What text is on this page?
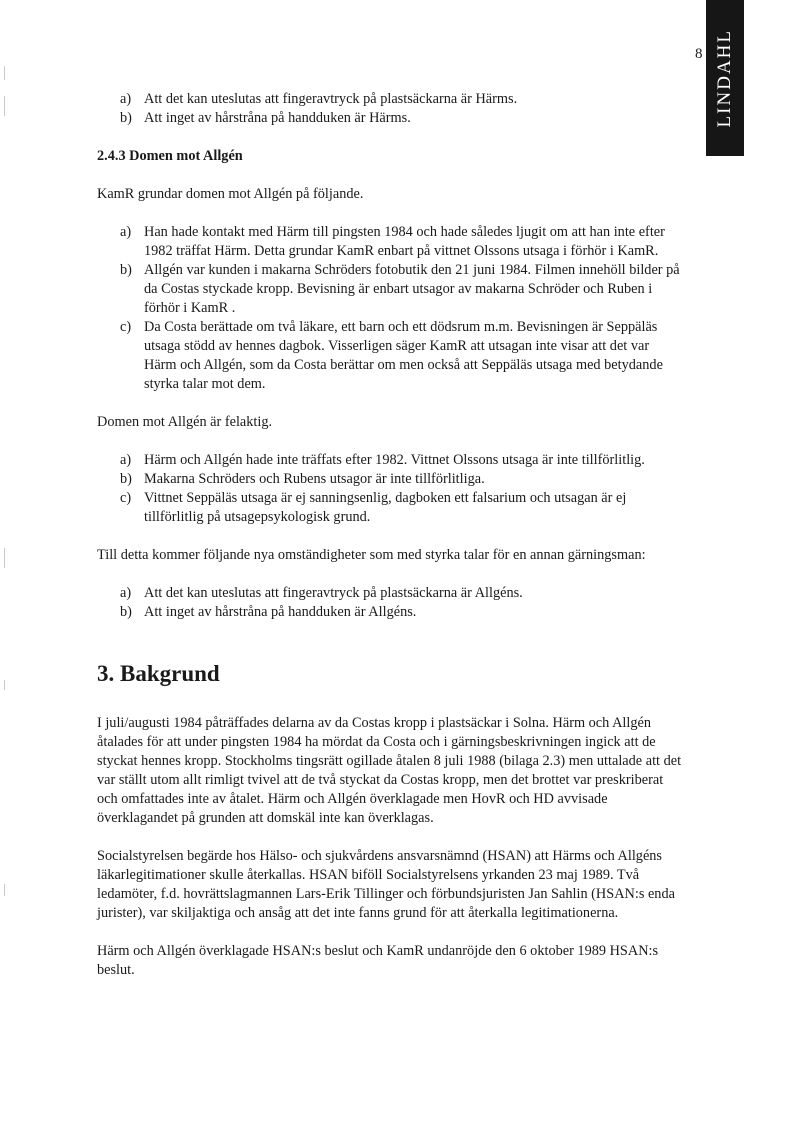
8 LINDAHL
a) Att det kan uteslutas att fingeravtryck på plastsäckarna är Härms.
b) Att inget av hårstråna på handduken är Härms.
2.4.3 Domen mot Allgén

KamR grundar domen mot Allgén på följande.

a) Han hade kontakt med Härm till pingsten 1984 och hade således ljugit om att han inte efter 1982 träffat Härm. Detta grundar KamR enbart på vittnet Olssons utsaga i förhör i KamR.
b) Allgén var kunden i makarna Schröders fotobutik den 21 juni 1984. Filmen innehöll bilder på da Costas styckade kropp. Bevisning är enbart utsagor av makarna Schröder och Ruben i förhör i KamR .
c) Da Costa berättade om två läkare, ett barn och ett dödsrum m.m. Bevisningen är Seppäläs utsaga stödd av hennes dagbok. Visserligen säger KamR att utsagan inte visar att det var Härm och Allgén, som da Costa berättar om men också att Seppäläs utsaga med betydande styrka talar mot dem.

Domen mot Allgén är felaktig.

a) Härm och Allgén hade inte träffats efter 1982. Vittnet Olssons utsaga är inte tillförlitlig.
b) Makarna Schröders och Rubens utsagor är inte tillförlitliga.
c) Vittnet Seppäläs utsaga är ej sanningsenlig, dagboken ett falsarium och utsagan är ej tillförlitlig på utsagepsykologisk grund.

Till detta kommer följande nya omständigheter som med styrka talar för en annan gärningsman:

a) Att det kan uteslutas att fingeravtryck på plastsäckarna är Allgéns.
b) Att inget av hårstråna på handduken är Allgéns.
3. Bakgrund

I juli/augusti 1984 påträffades delarna av da Costas kropp i plastsäckar i Solna. Härm och Allgén åtalades för att under pingsten 1984 ha mördat da Costa och i gärningsbeskrivningen ingick att de styckat hennes kropp. Stockholms tingsrätt ogillade åtalen 8 juli 1988 (bilaga 2.3) men uttalade att det var ställt utom allt rimligt tvivel att de två styckat da Costas kropp, men det brottet var preskriberat och omfattades inte av åtalet. Härm och Allgén överklagade men HovR och HD avvisade överklagandet på grunden att domskäl inte kan överklagas.

Socialstyrelsen begärde hos Hälso- och sjukvårdens ansvarsnämnd (HSAN) att Härms och Allgéns läkarlegitimationer skulle återkallas. HSAN biföll Socialstyrelsens yrkanden 23 maj 1989. Två ledamöter, f.d. hovrättslagmannen Lars-Erik Tillinger och förbundsjuristen Jan Sahlin (HSAN:s enda jurister), var skiljaktiga och ansåg att det inte fanns grund för att återkalla legitimationerna.

Härm och Allgén överklagade HSAN:s beslut och KamR undanröjde den 6 oktober 1989 HSAN:s beslut.
